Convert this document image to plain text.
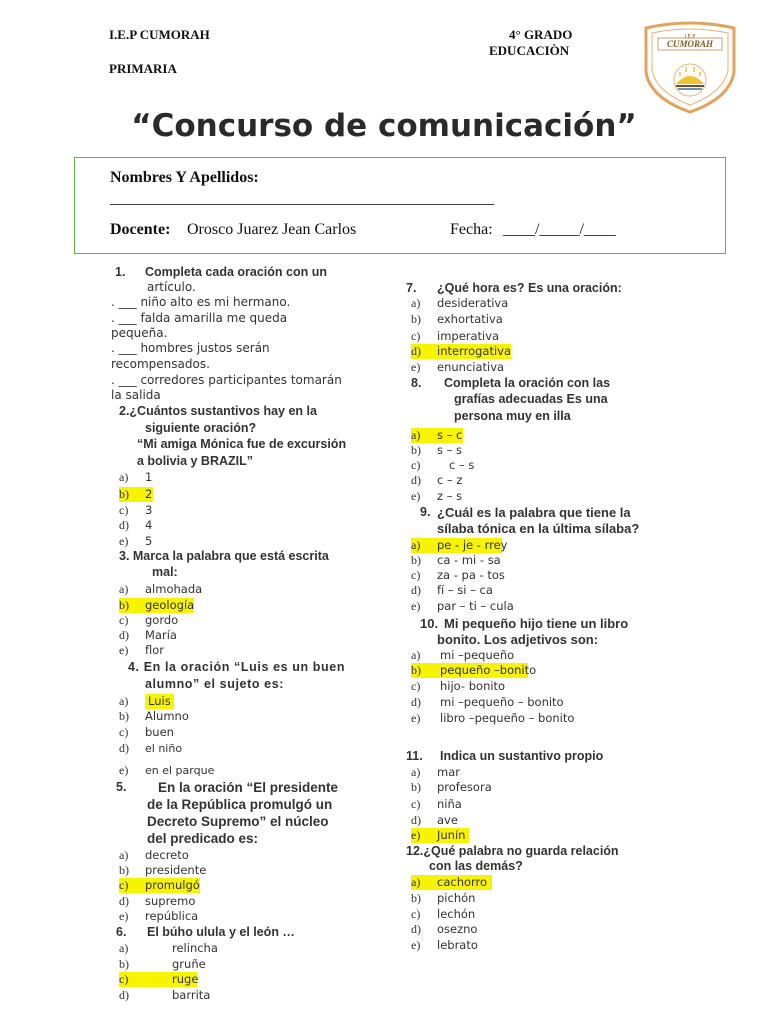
I.E.P CUMORAH
PRIMARIA
4° GRADO
EDUCACIÒN
I.E.P
CUMORAH
“Concurso de comunicación”
Nombres Y Apellidos:
________________________________________________
Docente: Orosco Juarez Jean Carlos	Fecha: ____/_____/____
1. Completa cada oración con un
artículo.
. ___ niño alto es mi hermano.
. ___ falda amarilla me queda
pequeña.
. ___ hombres justos serán
recompensados.
. ___ corredores participantes tomarán
la salida
2.¿Cuántos sustantivos hay en la
siguiente oración?
“Mi amiga Mónica fue de excursión
a bolivia y BRAZIL”
a) 1
b) 2
c) 3
d) 4
e) 5
3. Marca la palabra que está escrita
mal:
a) almohada
b) geología
c) gordo
d) María
e) flor
4. En la oración “Luis es un buen
alumno” el sujeto es:
a) Luis
b) Alumno
c) buen
d) el niño
e) en el parque
5. En la oración “El presidente
de la República promulgó un
Decreto Supremo” el núcleo
del predicado es:
a) decreto
b) presidente
c) promulgó
d) supremo
e) república
6. El búho ulula y el león …
a)	relincha
b)	gruñe
c)	ruge
d)	barrita
7. ¿Qué hora es? Es una oración:
a) desiderativa
b) exhortativa
c) imperativa
d) interrogativa
e) enunciativa
8. Completa la oración con las
grafías adecuadas Es una
persona muy en illa
a) s – c
b) s – s
c) c – s
d) c – z
e) z – s
9. ¿Cuál es la palabra que tiene la
sílaba tónica en la última sílaba?
a) pe - je - rrey
b) ca - mi - sa
c) za - pa - tos
d) fí – si – ca
e) par – ti – cula
10. Mi pequeño hijo tiene un libro
bonito. Los adjetivos son:
a) mi –pequeño
b) pequeño –bonito
c) hijo- bonito
d) mi –pequeño – bonito
e) libro –pequeño – bonito
11. Indica un sustantivo propio
a) mar
b) profesora
c) niña
d) ave
e) Junín
12.¿Qué palabra no guarda relación
con las demás?
a) cachorro
b) pichón
c) lechón
d) osezno
e) lebrato
